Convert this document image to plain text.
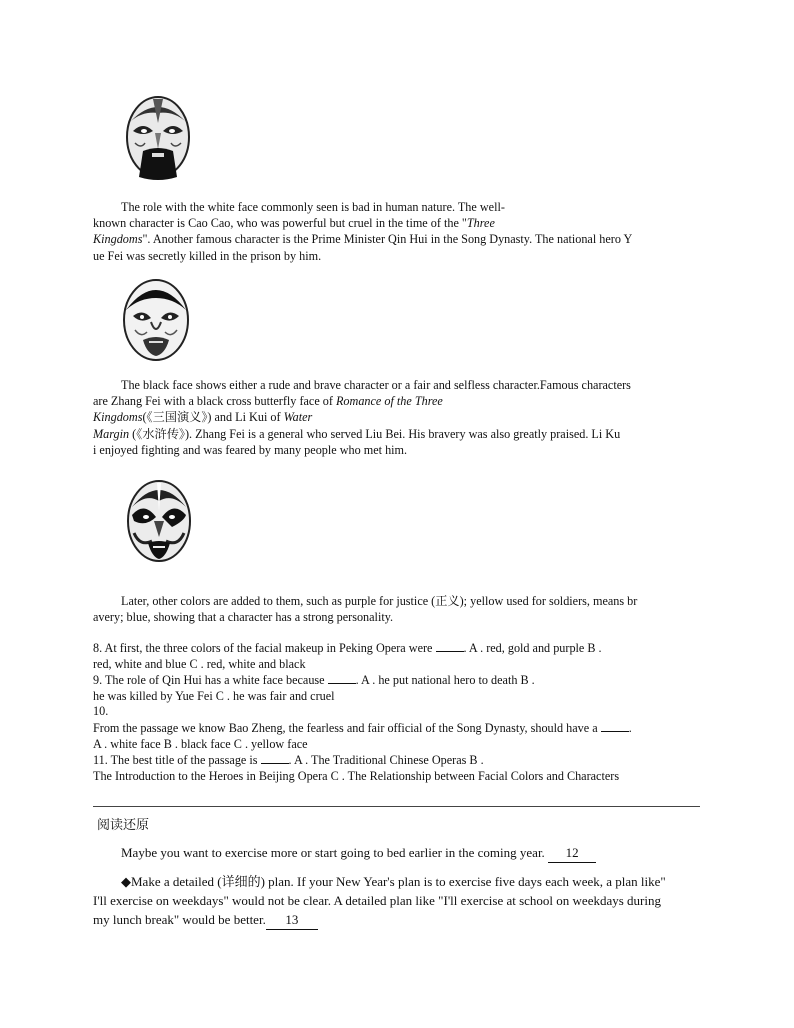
The role with the white face commonly seen is bad in human nature. The well-
known character is Cao Cao, who was powerful but cruel in the time of the "Three
Kingdoms". Another famous character is the Prime Minister Qin Hui in the Song Dynasty. The national hero Y
ue Fei was secretly killed in the prison by him.
The black face shows either a rude and brave character or a fair and selfless character.Famous characters
are Zhang Fei with a black cross butterfly face of Romance of the Three
Kingdoms(《三国演义》) and Li Kui of Water
Margin (《水浒传》). Zhang Fei is a general who served Liu Bei. His bravery was also greatly praised. Li Ku
i enjoyed fighting and was feared by many people who met him.
Later, other colors are added to them, such as purple for justice (正义); yellow used for soldiers, means br
avery; blue, showing that a character has a strong personality.
8. At first, the three colors of the facial makeup in Peking Opera were	. A . red, gold and purple B .
red, white and blue C . red, white and black
9. The role of Qin Hui has a white face because	. A . he put national hero to death B .
he was killed by Yue Fei C . he was fair and cruel
10.
From the passage we know Bao Zheng, the fearless and fair official of the Song Dynasty, should have a	.
A . white face B . black face C . yellow face
11. The best title of the passage is	. A . The Traditional Chinese Operas B .
The Introduction to the Heroes in Beijing Opera C . The Relationship between Facial Colors and Characters
阅读还原
Maybe you want to exercise more or start going to bed earlier in the coming year. 12
◆Make a detailed (详细的) plan. If your New Year's plan is to exercise five days each week, a plan like"
I'll exercise on weekdays" would not be clear. A detailed plan like "I'll exercise at school on weekdays during
my lunch break" would be better. 13
